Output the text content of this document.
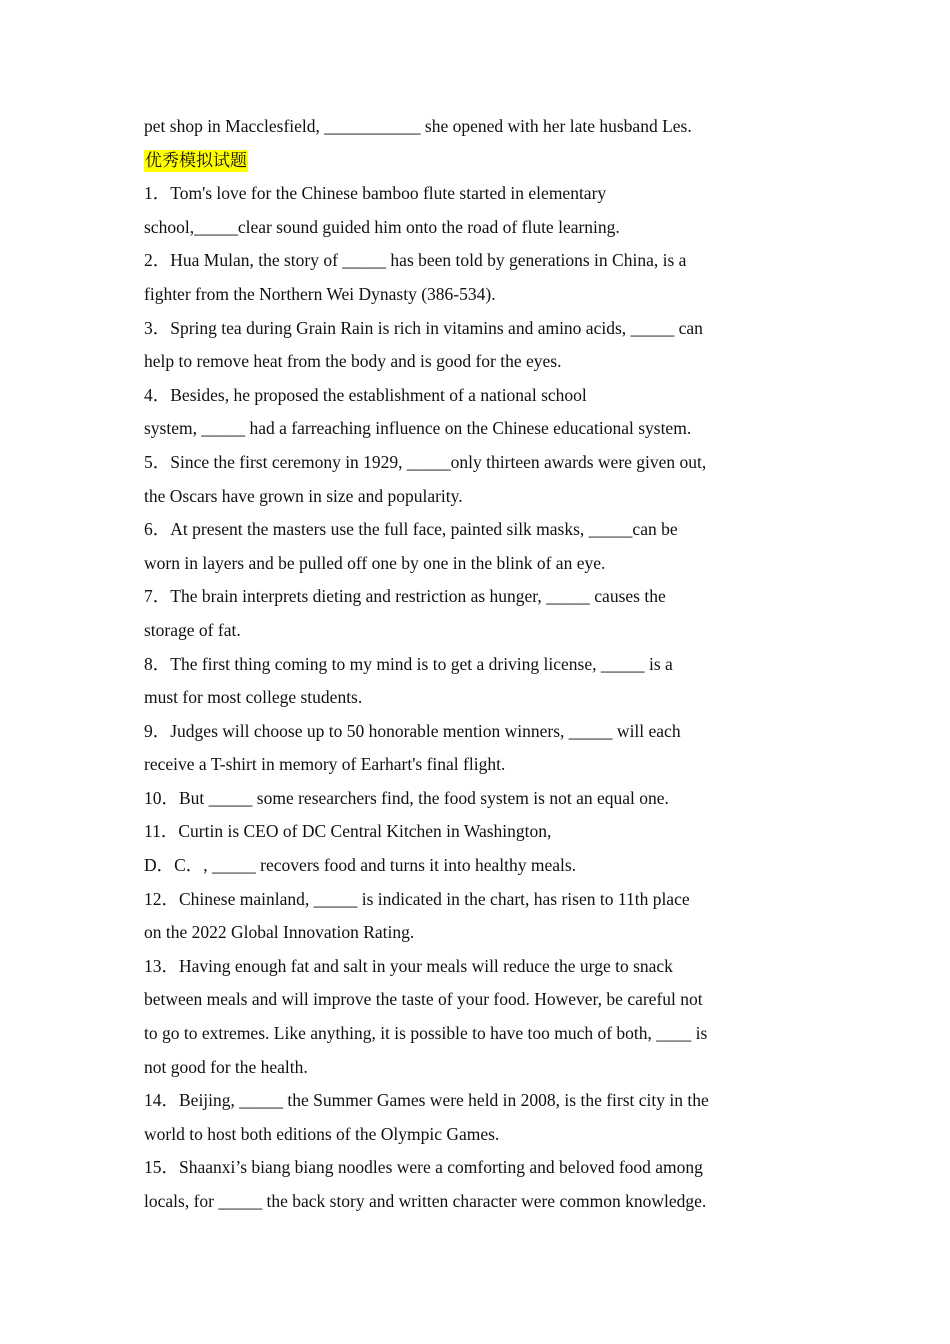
pet shop in Macclesfield, ___________ she opened with her late husband Les.

优秀模拟试题

1．Tom's love for the Chinese bamboo flute started in elementary

school,_____clear sound guided him onto the road of flute learning.

2．Hua Mulan, the story of _____ has been told by generations in China, is a

fighter from the Northern Wei Dynasty (386-534).

3．Spring tea during Grain Rain is rich in vitamins and amino acids, _____ can

help to remove heat from the body and is good for the eyes.

4．Besides, he proposed the establishment of a national school

system, _____ had a farreaching influence on the Chinese educational system.

5．Since the first ceremony in 1929, _____only thirteen awards were given out,

the Oscars have grown in size and popularity.

6．At present the masters use the full face, painted silk masks, _____can be

worn in layers and be pulled off one by one in the blink of an eye.

7．The brain interprets dieting and restriction as hunger, _____ causes the

storage of fat.

8．The first thing coming to my mind is to get a driving license, _____ is a

must for most college students.

9．Judges will choose up to 50 honorable mention winners, _____ will each

receive a T-shirt in memory of Earhart's final flight.

10．But _____ some researchers find, the food system is not an equal one.

11．Curtin is CEO of DC Central Kitchen in Washington,

D．C．, _____ recovers food and turns it into healthy meals.

12．Chinese mainland, _____ is indicated in the chart, has risen to 11th place

on the 2022 Global Innovation Rating.

13．Having enough fat and salt in your meals will reduce the urge to snack

between meals and will improve the taste of your food. However, be careful not

to go to extremes. Like anything, it is possible to have too much of both, ____ is

not good for the health.

14．Beijing, _____ the Summer Games were held in 2008, is the first city in the

world to host both editions of the Olympic Games.

15．Shaanxi’s biang biang noodles were a comforting and beloved food among

locals, for _____ the back story and written character were common knowledge.
